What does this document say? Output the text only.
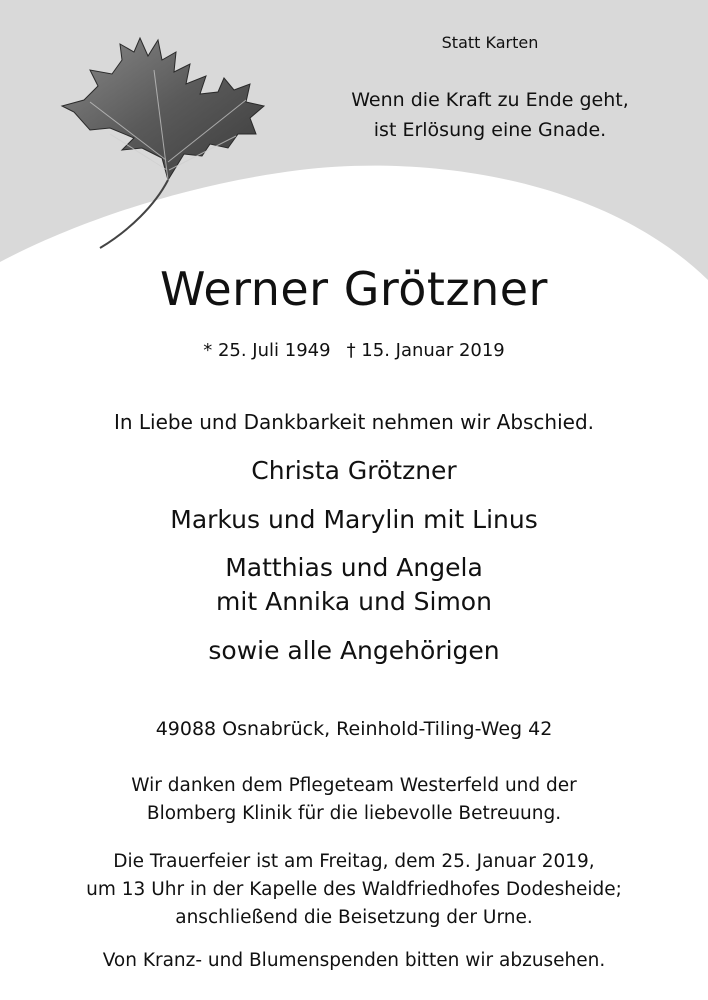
Statt Karten

Wenn die Kraft zu Ende geht,

ist Erlösung eine Gnade.

Werner Grötzner

* 25. Juli 1949 † 15. Januar 2019

In Liebe und Dankbarkeit nehmen wir Abschied.

Christa Grötzner

Markus und Marylin mit Linus

Matthias und Angela

mit Annika und Simon

sowie alle Angehörigen

49088 Osnabrück, Reinhold-Tiling-Weg 42

Wir danken dem Pflegeteam Westerfeld und der
Blomberg Klinik für die liebevolle Betreuung.
Die Trauerfeier ist am Freitag, dem 25. Januar 2019,
um 13 Uhr in der Kapelle des Waldfriedhofes Dodesheide;
anschließend die Beisetzung der Urne.

Von Kranz- und Blumenspenden bitten wir abzusehen.
